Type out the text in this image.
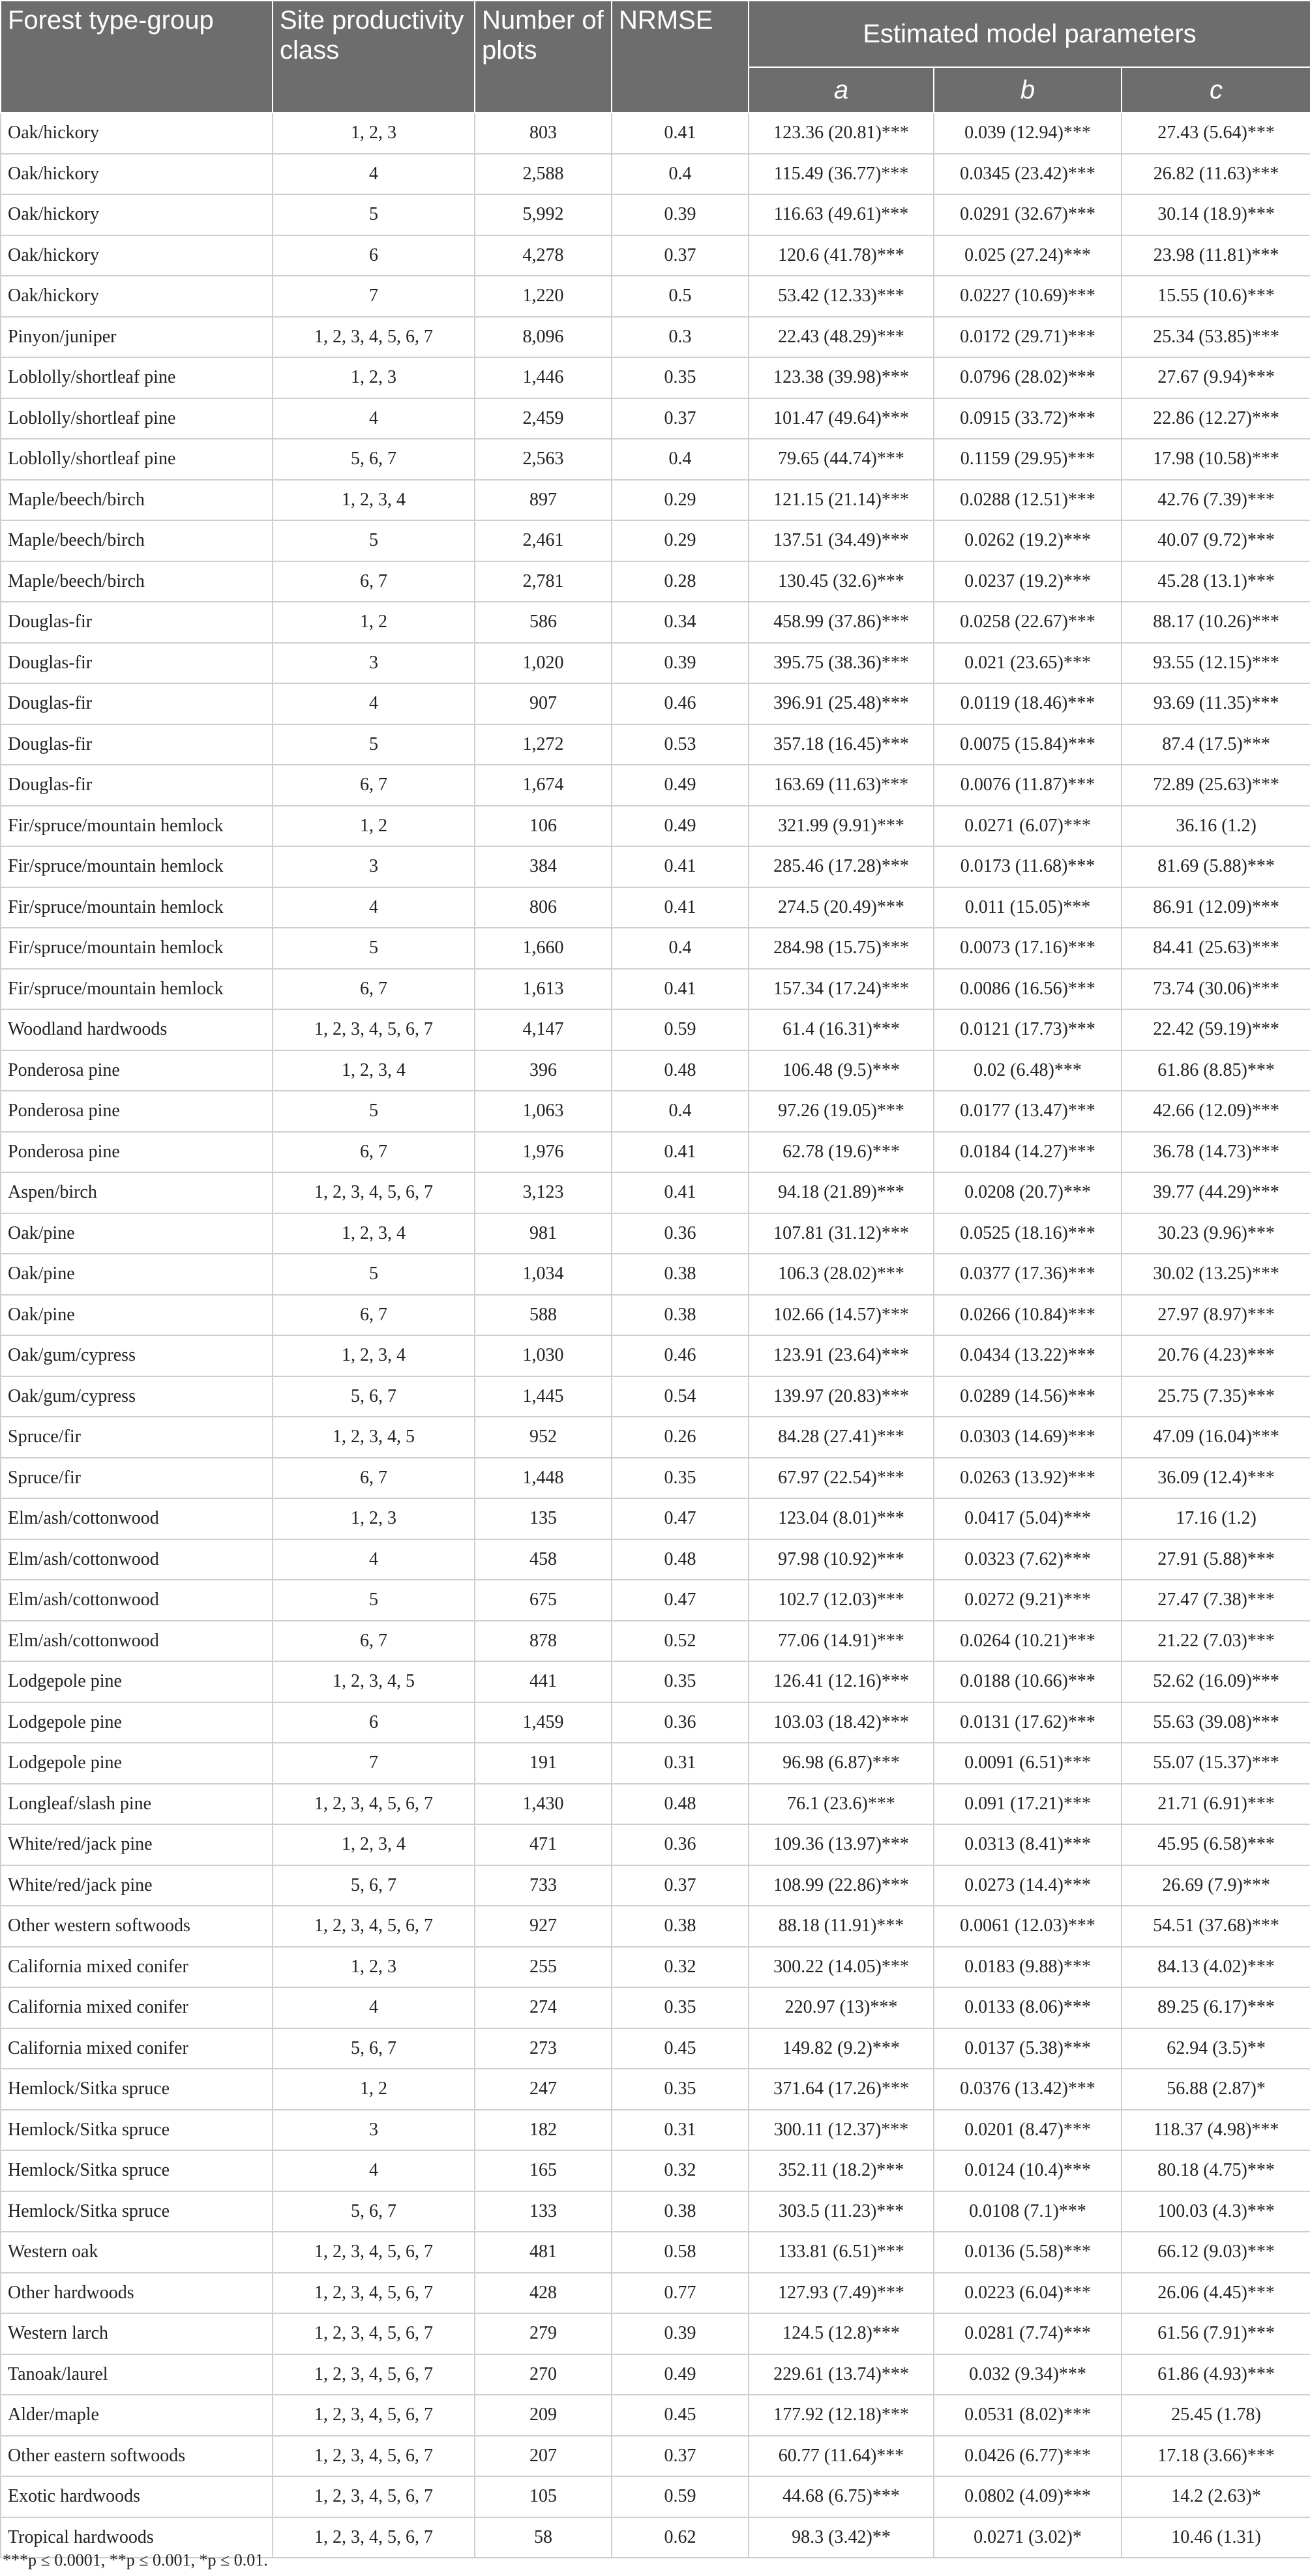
Forest type-group	Site productivity class	Number of plots	NRMSE	Estimated model parameters		
				a	b	c
Oak/hickory	1, 2, 3	803	0.41	123.36 (20.81)***	0.039 (12.94)***	27.43 (5.64)***
Oak/hickory	4	2,588	0.4	115.49 (36.77)***	0.0345 (23.42)***	26.82 (11.63)***
Oak/hickory	5	5,992	0.39	116.63 (49.61)***	0.0291 (32.67)***	30.14 (18.9)***
Oak/hickory	6	4,278	0.37	120.6 (41.78)***	0.025 (27.24)***	23.98 (11.81)***
Oak/hickory	7	1,220	0.5	53.42 (12.33)***	0.0227 (10.69)***	15.55 (10.6)***
Pinyon/juniper	1, 2, 3, 4, 5, 6, 7	8,096	0.3	22.43 (48.29)***	0.0172 (29.71)***	25.34 (53.85)***
Loblolly/shortleaf pine	1, 2, 3	1,446	0.35	123.38 (39.98)***	0.0796 (28.02)***	27.67 (9.94)***
Loblolly/shortleaf pine	4	2,459	0.37	101.47 (49.64)***	0.0915 (33.72)***	22.86 (12.27)***
Loblolly/shortleaf pine	5, 6, 7	2,563	0.4	79.65 (44.74)***	0.1159 (29.95)***	17.98 (10.58)***
Maple/beech/birch	1, 2, 3, 4	897	0.29	121.15 (21.14)***	0.0288 (12.51)***	42.76 (7.39)***
Maple/beech/birch	5	2,461	0.29	137.51 (34.49)***	0.0262 (19.2)***	40.07 (9.72)***
Maple/beech/birch	6, 7	2,781	0.28	130.45 (32.6)***	0.0237 (19.2)***	45.28 (13.1)***
Douglas-fir	1, 2	586	0.34	458.99 (37.86)***	0.0258 (22.67)***	88.17 (10.26)***
Douglas-fir	3	1,020	0.39	395.75 (38.36)***	0.021 (23.65)***	93.55 (12.15)***
Douglas-fir	4	907	0.46	396.91 (25.48)***	0.0119 (18.46)***	93.69 (11.35)***
Douglas-fir	5	1,272	0.53	357.18 (16.45)***	0.0075 (15.84)***	87.4 (17.5)***
Douglas-fir	6, 7	1,674	0.49	163.69 (11.63)***	0.0076 (11.87)***	72.89 (25.63)***
Fir/spruce/mountain hemlock	1, 2	106	0.49	321.99 (9.91)***	0.0271 (6.07)***	36.16 (1.2)
Fir/spruce/mountain hemlock	3	384	0.41	285.46 (17.28)***	0.0173 (11.68)***	81.69 (5.88)***
Fir/spruce/mountain hemlock	4	806	0.41	274.5 (20.49)***	0.011 (15.05)***	86.91 (12.09)***
Fir/spruce/mountain hemlock	5	1,660	0.4	284.98 (15.75)***	0.0073 (17.16)***	84.41 (25.63)***
Fir/spruce/mountain hemlock	6, 7	1,613	0.41	157.34 (17.24)***	0.0086 (16.56)***	73.74 (30.06)***
Woodland hardwoods	1, 2, 3, 4, 5, 6, 7	4,147	0.59	61.4 (16.31)***	0.0121 (17.73)***	22.42 (59.19)***
Ponderosa pine	1, 2, 3, 4	396	0.48	106.48 (9.5)***	0.02 (6.48)***	61.86 (8.85)***
Ponderosa pine	5	1,063	0.4	97.26 (19.05)***	0.0177 (13.47)***	42.66 (12.09)***
Ponderosa pine	6, 7	1,976	0.41	62.78 (19.6)***	0.0184 (14.27)***	36.78 (14.73)***
Aspen/birch	1, 2, 3, 4, 5, 6, 7	3,123	0.41	94.18 (21.89)***	0.0208 (20.7)***	39.77 (44.29)***
Oak/pine	1, 2, 3, 4	981	0.36	107.81 (31.12)***	0.0525 (18.16)***	30.23 (9.96)***
Oak/pine	5	1,034	0.38	106.3 (28.02)***	0.0377 (17.36)***	30.02 (13.25)***
Oak/pine	6, 7	588	0.38	102.66 (14.57)***	0.0266 (10.84)***	27.97 (8.97)***
Oak/gum/cypress	1, 2, 3, 4	1,030	0.46	123.91 (23.64)***	0.0434 (13.22)***	20.76 (4.23)***
Oak/gum/cypress	5, 6, 7	1,445	0.54	139.97 (20.83)***	0.0289 (14.56)***	25.75 (7.35)***
Spruce/fir	1, 2, 3, 4, 5	952	0.26	84.28 (27.41)***	0.0303 (14.69)***	47.09 (16.04)***
Spruce/fir	6, 7	1,448	0.35	67.97 (22.54)***	0.0263 (13.92)***	36.09 (12.4)***
Elm/ash/cottonwood	1, 2, 3	135	0.47	123.04 (8.01)***	0.0417 (5.04)***	17.16 (1.2)
Elm/ash/cottonwood	4	458	0.48	97.98 (10.92)***	0.0323 (7.62)***	27.91 (5.88)***
Elm/ash/cottonwood	5	675	0.47	102.7 (12.03)***	0.0272 (9.21)***	27.47 (7.38)***
Elm/ash/cottonwood	6, 7	878	0.52	77.06 (14.91)***	0.0264 (10.21)***	21.22 (7.03)***
Lodgepole pine	1, 2, 3, 4, 5	441	0.35	126.41 (12.16)***	0.0188 (10.66)***	52.62 (16.09)***
Lodgepole pine	6	1,459	0.36	103.03 (18.42)***	0.0131 (17.62)***	55.63 (39.08)***
Lodgepole pine	7	191	0.31	96.98 (6.87)***	0.0091 (6.51)***	55.07 (15.37)***
Longleaf/slash pine	1, 2, 3, 4, 5, 6, 7	1,430	0.48	76.1 (23.6)***	0.091 (17.21)***	21.71 (6.91)***
White/red/jack pine	1, 2, 3, 4	471	0.36	109.36 (13.97)***	0.0313 (8.41)***	45.95 (6.58)***
White/red/jack pine	5, 6, 7	733	0.37	108.99 (22.86)***	0.0273 (14.4)***	26.69 (7.9)***
Other western softwoods	1, 2, 3, 4, 5, 6, 7	927	0.38	88.18 (11.91)***	0.0061 (12.03)***	54.51 (37.68)***
California mixed conifer	1, 2, 3	255	0.32	300.22 (14.05)***	0.0183 (9.88)***	84.13 (4.02)***
California mixed conifer	4	274	0.35	220.97 (13)***	0.0133 (8.06)***	89.25 (6.17)***
California mixed conifer	5, 6, 7	273	0.45	149.82 (9.2)***	0.0137 (5.38)***	62.94 (3.5)**
Hemlock/Sitka spruce	1, 2	247	0.35	371.64 (17.26)***	0.0376 (13.42)***	56.88 (2.87)*
Hemlock/Sitka spruce	3	182	0.31	300.11 (12.37)***	0.0201 (8.47)***	118.37 (4.98)***
Hemlock/Sitka spruce	4	165	0.32	352.11 (18.2)***	0.0124 (10.4)***	80.18 (4.75)***
Hemlock/Sitka spruce	5, 6, 7	133	0.38	303.5 (11.23)***	0.0108 (7.1)***	100.03 (4.3)***
Western oak	1, 2, 3, 4, 5, 6, 7	481	0.58	133.81 (6.51)***	0.0136 (5.58)***	66.12 (9.03)***
Other hardwoods	1, 2, 3, 4, 5, 6, 7	428	0.77	127.93 (7.49)***	0.0223 (6.04)***	26.06 (4.45)***
Western larch	1, 2, 3, 4, 5, 6, 7	279	0.39	124.5 (12.8)***	0.0281 (7.74)***	61.56 (7.91)***
Tanoak/laurel	1, 2, 3, 4, 5, 6, 7	270	0.49	229.61 (13.74)***	0.032 (9.34)***	61.86 (4.93)***
Alder/maple	1, 2, 3, 4, 5, 6, 7	209	0.45	177.92 (12.18)***	0.0531 (8.02)***	25.45 (1.78)
Other eastern softwoods	1, 2, 3, 4, 5, 6, 7	207	0.37	60.77 (11.64)***	0.0426 (6.77)***	17.18 (3.66)***
Exotic hardwoods	1, 2, 3, 4, 5, 6, 7	105	0.59	44.68 (6.75)***	0.0802 (4.09)***	14.2 (2.63)*
Tropical hardwoods	1, 2, 3, 4, 5, 6, 7	58	0.62	98.3 (3.42)**	0.0271 (3.02)*	10.46 (1.31)
***p ≤ 0.0001, **p ≤ 0.001, *p ≤ 0.01.
